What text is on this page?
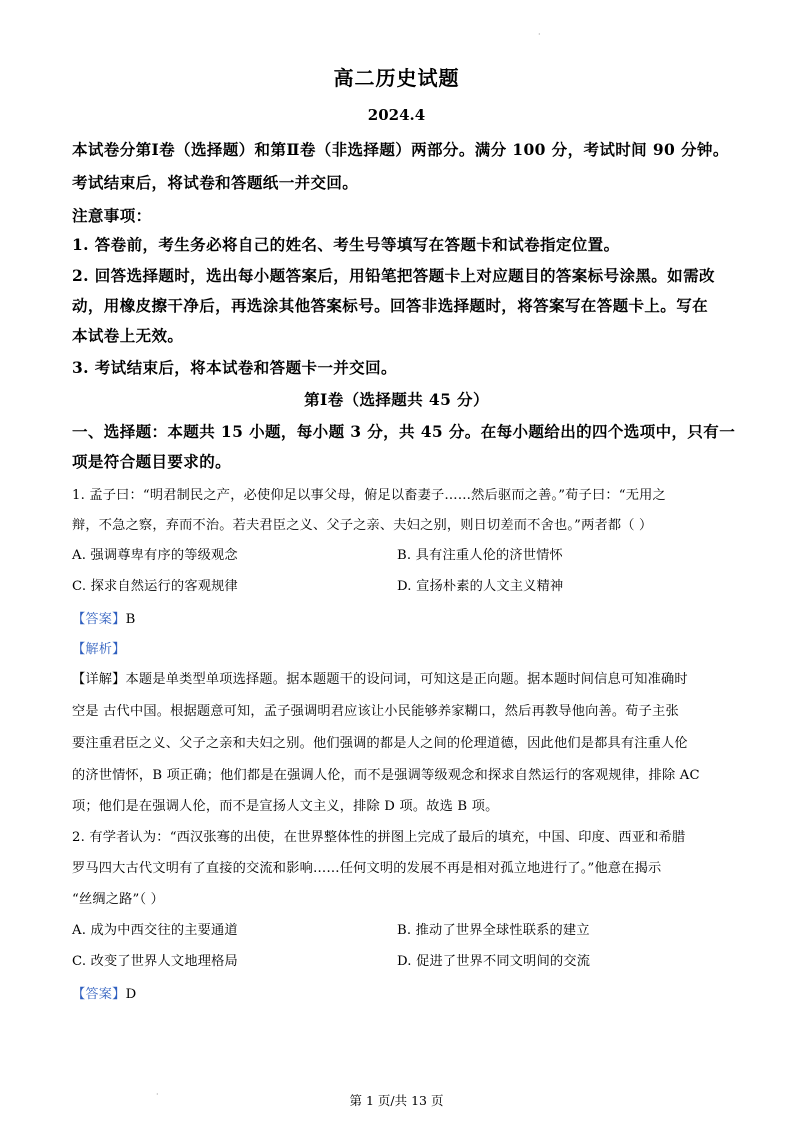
·
高二历史试题
2024.4
本试卷分第Ⅰ卷（选择题）和第Ⅱ卷（非选择题）两部分。满分 100 分，考试时间 90 分钟。
考试结束后，将试卷和答题纸一并交回。
注意事项：
1. 答卷前，考生务必将自己的姓名、考生号等填写在答题卡和试卷指定位置。
2. 回答选择题时，选出每小题答案后，用铅笔把答题卡上对应题目的答案标号涂黑。如需改
动，用橡皮擦干净后，再选涂其他答案标号。回答非选择题时，将答案写在答题卡上。写在
本试卷上无效。
3. 考试结束后，将本试卷和答题卡一并交回。
第Ⅰ卷（选择题共 45 分）
一、选择题：本题共 15 小题，每小题 3 分，共 45 分。在每小题给出的四个选项中，只有一
项是符合题目要求的。
1. 孟子曰：“明君制民之产，必使仰足以事父母，俯足以畜妻子……然后驱而之善。”荀子曰：“无用之
辩，不急之察，弃而不治。若夫君臣之义、父子之亲、夫妇之别，则日切差而不舍也。”两者都（ ）
A. 强调尊卑有序的等级观念	B. 具有注重人伦的济世情怀
C. 探求自然运行的客观规律	D. 宣扬朴素的人文主义精神
【答案】B
【解析】
【详解】本题是单类型单项选择题。据本题题干的设问词，可知这是正向题。据本题时间信息可知准确时
空是 古代中国。根据题意可知，孟子强调明君应该让小民能够养家糊口，然后再教导他向善。荀子主张
要注重君臣之义、父子之亲和夫妇之别。他们强调的都是人之间的伦理道德，因此他们是都具有注重人伦
的济世情怀，B 项正确；他们都是在强调人伦，而不是强调等级观念和探求自然运行的客观规律，排除 AC
项；他们是在强调人伦，而不是宣扬人文主义，排除 D 项。故选 B 项。
2. 有学者认为：“西汉张骞的出使，在世界整体性的拼图上完成了最后的填充，中国、印度、西亚和希腊
罗马四大古代文明有了直接的交流和影响……任何文明的发展不再是相对孤立地进行了。”他意在揭示
“丝绸之路”（ ）
A. 成为中西交往的主要通道	B. 推动了世界全球性联系的建立
C. 改变了世界人文地理格局	D. 促进了世界不同文明间的交流
【答案】D
·	第 1 页/共 13 页
